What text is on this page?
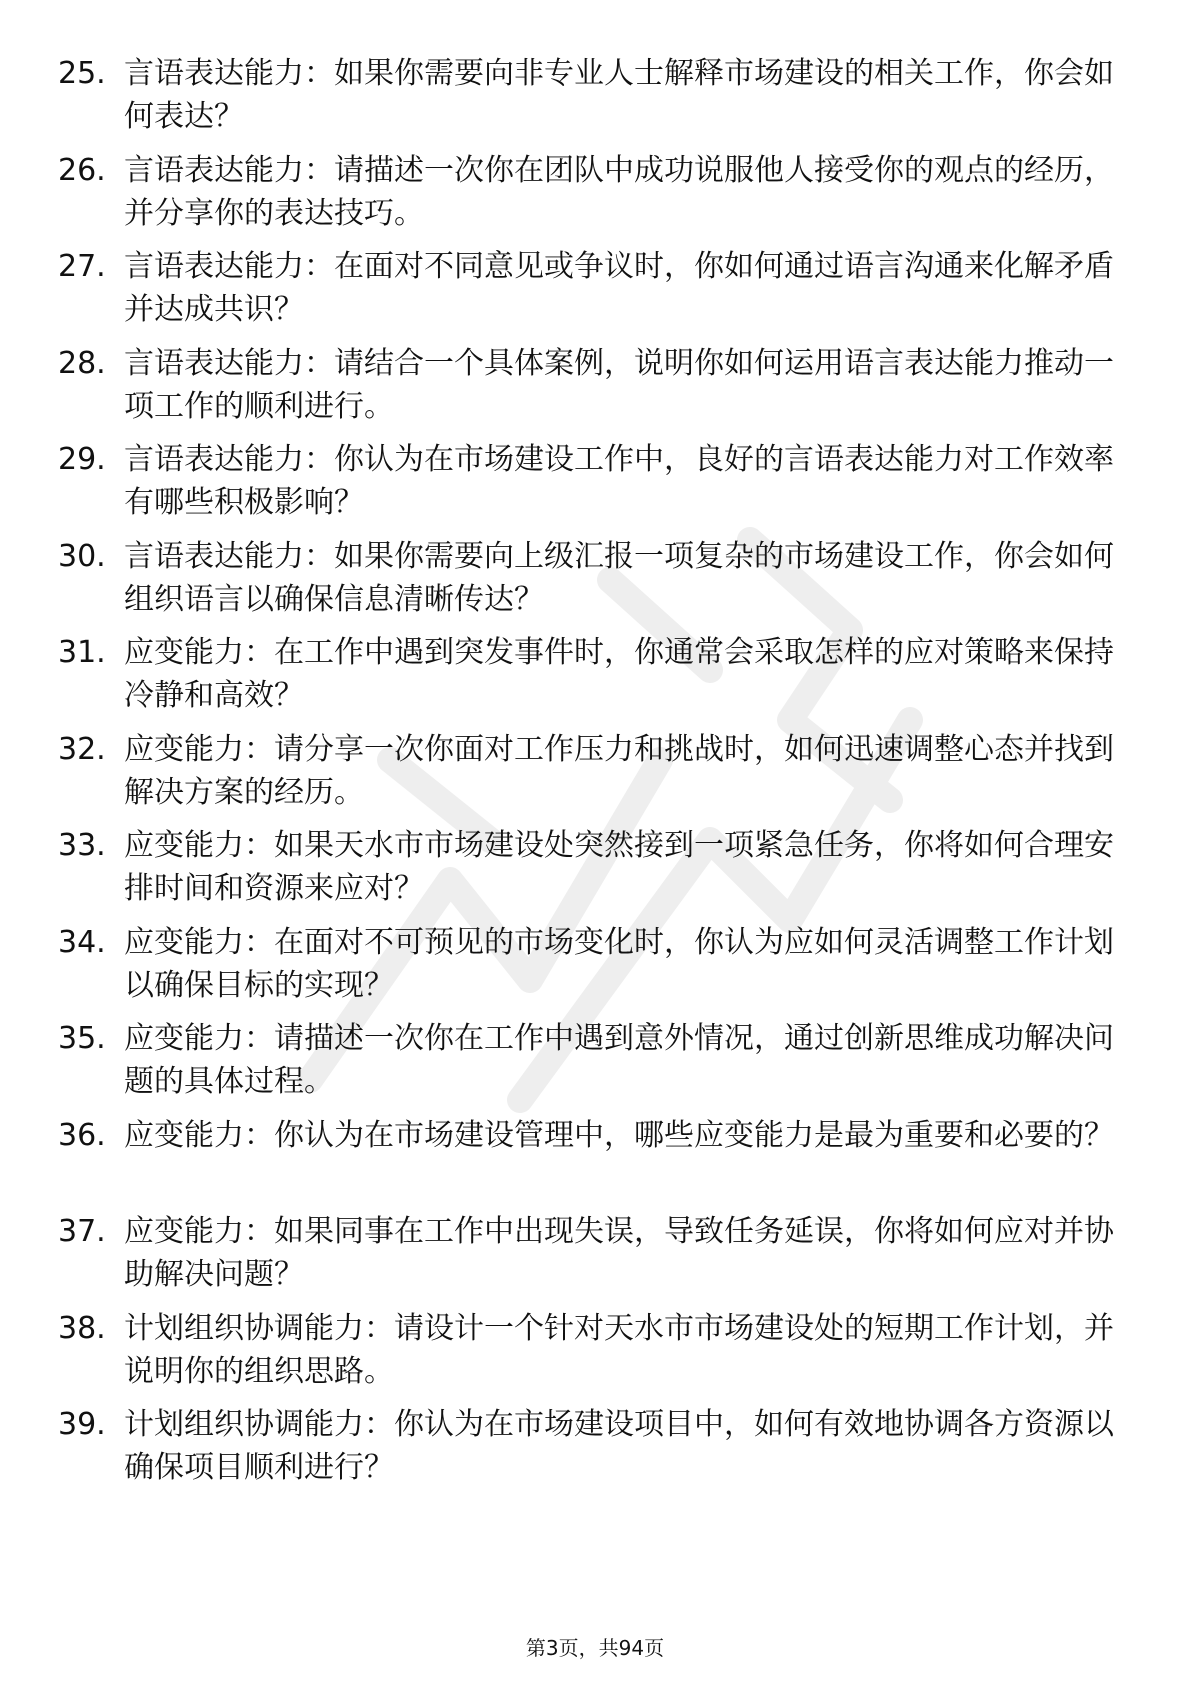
25. 言语表达能力：如果你需要向非专业人士解释市场建设的相关工作，你会如何表达？
26. 言语表达能力：请描述一次你在团队中成功说服他人接受你的观点的经历，并分享你的表达技巧。
27. 言语表达能力：在面对不同意见或争议时，你如何通过语言沟通来化解矛盾并达成共识？
28. 言语表达能力：请结合一个具体案例，说明你如何运用语言表达能力推动一项工作的顺利进行。
29. 言语表达能力：你认为在市场建设工作中，良好的言语表达能力对工作效率有哪些积极影响？
30. 言语表达能力：如果你需要向上级汇报一项复杂的市场建设工作，你会如何组织语言以确保信息清晰传达？
31. 应变能力：在工作中遇到突发事件时，你通常会采取怎样的应对策略来保持冷静和高效？
32. 应变能力：请分享一次你面对工作压力和挑战时，如何迅速调整心态并找到解决方案的经历。
33. 应变能力：如果天水市市场建设处突然接到一项紧急任务，你将如何合理安排时间和资源来应对？
34. 应变能力：在面对不可预见的市场变化时，你认为应如何灵活调整工作计划以确保目标的实现？
35. 应变能力：请描述一次你在工作中遇到意外情况，通过创新思维成功解决问题的具体过程。
36. 应变能力：你认为在市场建设管理中，哪些应变能力是最为重要和必要的？
37. 应变能力：如果同事在工作中出现失误，导致任务延误，你将如何应对并协助解决问题？
38. 计划组织协调能力：请设计一个针对天水市市场建设处的短期工作计划，并说明你的组织思路。
39. 计划组织协调能力：你认为在市场建设项目中，如何有效地协调各方资源以确保项目顺利进行？
第3页，共94页
